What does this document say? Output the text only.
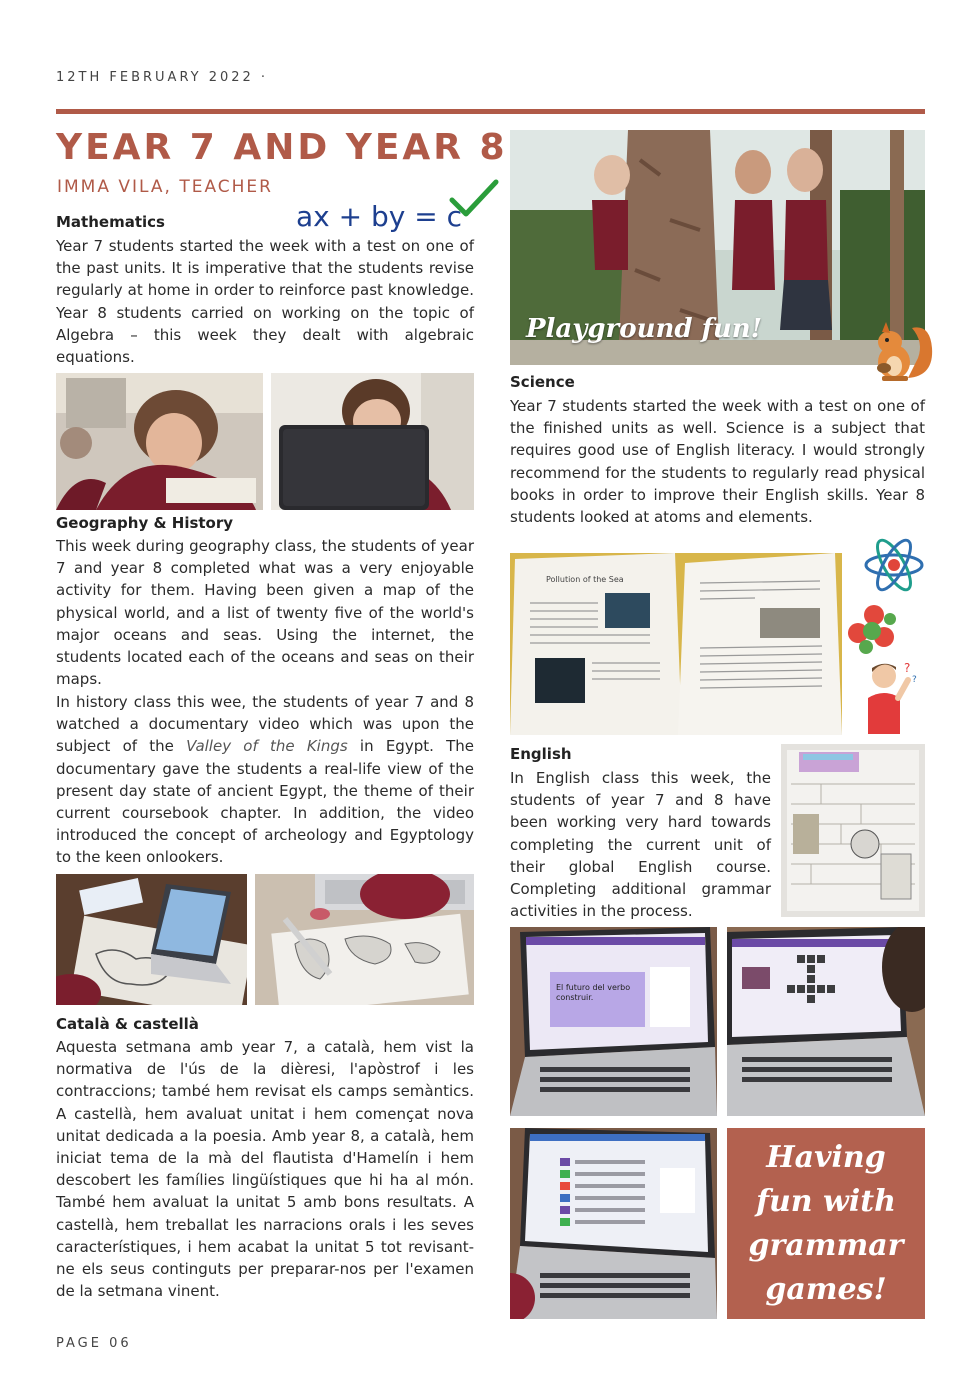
12TH FEBRUARY 2022 ·
YEAR 7 AND YEAR 8
IMMA VILA, TEACHER
ax + by = c
Mathematics
Year 7 students started the week with a test on one of the past units. It is imperative that the students revise regularly at home in order to reinforce past knowledge. Year 8 students carried on working on the topic of Algebra – this week they dealt with algebraic equations.
Geography & History
This week during geography class, the students of year 7 and year 8 completed what was a very enjoyable activity for them. Having been given a map of the physical world, and a list of twenty five of the world's major oceans and seas. Using the internet, the students located each of the oceans and seas on their maps.
In history class this wee, the students of year 7 and 8 watched a documentary video which was upon the subject of the Valley of the Kings in Egypt. The documentary gave the students a real-life view of the present day state of ancient Egypt, the theme of their current coursebook chapter. In addition, the video introduced the concept of archeology and Egyptology to the keen onlookers.
Català & castellà
Aquesta setmana amb year 7, a català, hem vist la normativa de l'ús de la dièresi, l'apòstrof i les contraccions; també hem revisat els camps semàntics. A castellà, hem avaluat unitat i hem començat nova unitat dedicada a la poesia. Amb year 8, a català, hem iniciat tema de la mà del flautista d'Hamelín i hem descobert les famílies lingüístiques que hi ha al món. També hem avaluat la unitat 5 amb bons resultats. A castellà, hem treballat les narracions orals i les seves característiques, i hem acabat la unitat 5 tot revisant-ne els seus continguts per preparar-nos per l'examen de la setmana vinent.
PAGE 06
Playground fun!
Science
Year 7 students started the week with a test on one of the finished units as well. Science is a subject that requires good use of English literacy. I would strongly recommend for the students to regularly read physical books in order to improve their English skills. Year 8 students looked at atoms and elements.
Pollution of the Sea
?
?
English
In English class this week, the students of year 7 and 8 have been working very hard towards completing the current unit of their global English course. Completing additional grammar activities in the process.
El futuro del verbo construir.
Having fun with grammar games!
